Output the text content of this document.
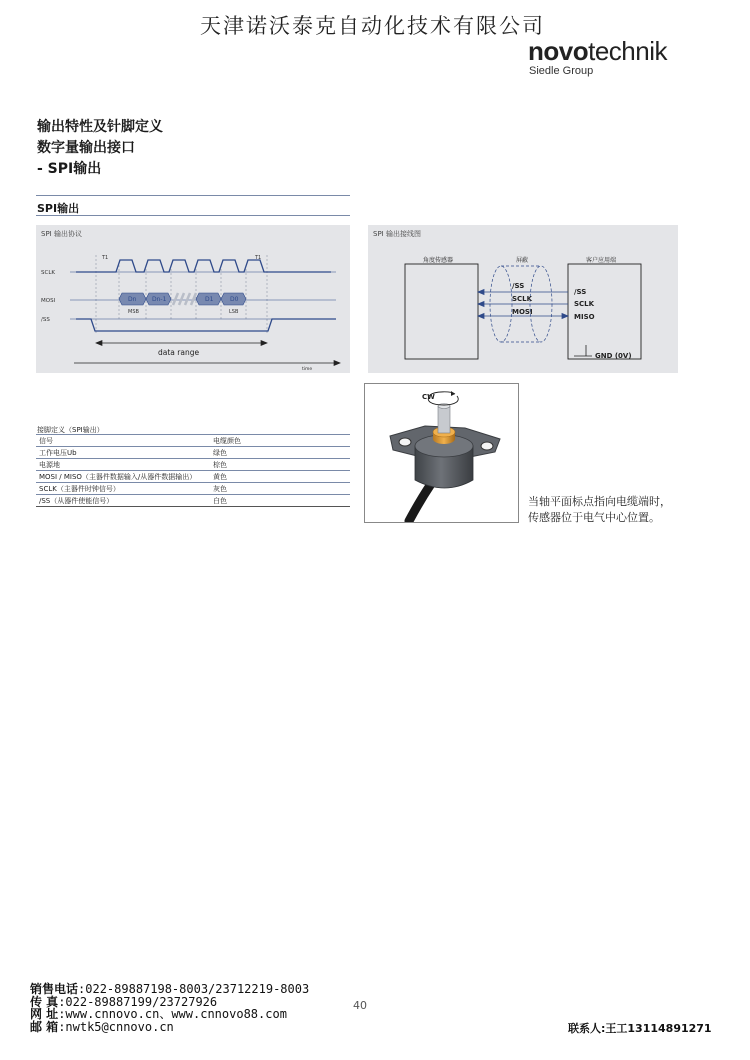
天津诺沃泰克自动化技术有限公司
novotechnik
Siedle Group
输出特性及针脚定义
数字量输出接口
- SPI输出
SPI输出
Dn	Dn-1	D1	D0
MSB	LSB
T1	T1
SCLK
MOSI
/SS
data range
time
SPI 输出协议
/SS
SCLK
MOSI
/SS
SCLK
MISO
GND (0V)
角度传感器	屏蔽	客户应用端
SPI 输出接线图
CW
当轴平面标点指向电缆端时，
传感器位于电气中心位置。
接脚定义（SPI输出）
信号	电缆颜色
工作电压Ub	绿色
电源地	棕色
MOSI / MISO（主器件数据输入/从器件数据输出）	黄色
SCLK（主器件时钟信号）	灰色
/SS（从器件使能信号）	白色
40
销售电话:022-89887198-8003/23712219-8003
传 真:022-89887199/23727926
网 址:www.cnnovo.cn、www.cnnovo88.com
邮 箱:nwtk5@cnnovo.cn	联系人:王工13114891271
